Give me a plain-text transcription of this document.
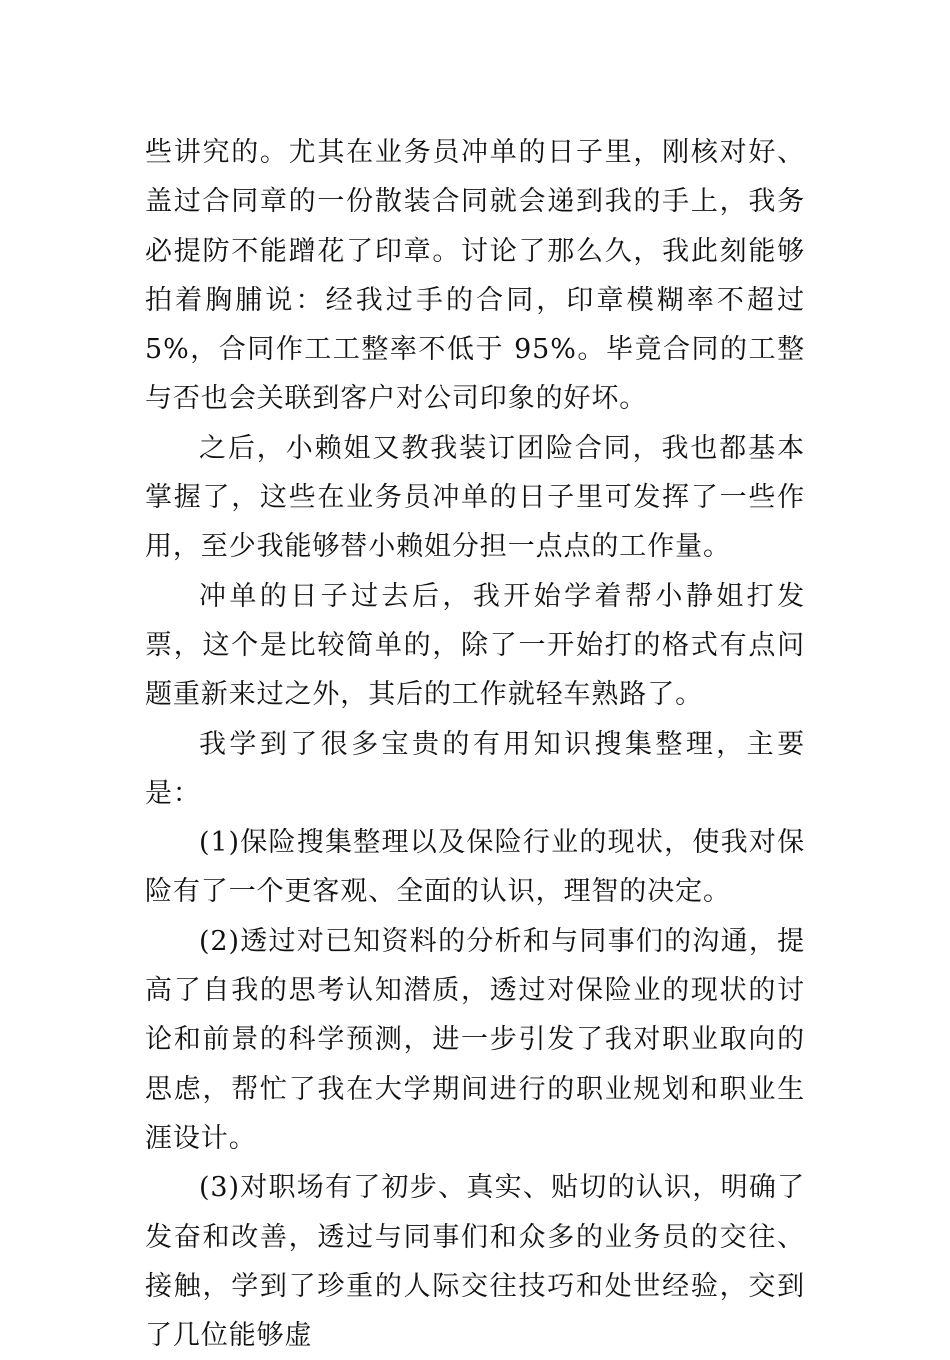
些讲究的。尤其在业务员冲单的日子里，刚核对好、盖过合同章的一份散装合同就会递到我的手上，我务必提防不能蹭花了印章。讨论了那么久，我此刻能够拍着胸脯说：经我过手的合同，印章模糊率不超过 5%，合同作工工整率不低于 95%。毕竟合同的工整与否也会关联到客户对公司印象的好坏。

之后，小赖姐又教我装订团险合同，我也都基本掌握了，这些在业务员冲单的日子里可发挥了一些作用，至少我能够替小赖姐分担一点点的工作量。

冲单的日子过去后，我开始学着帮小静姐打发票，这个是比较简单的，除了一开始打的格式有点问题重新来过之外，其后的工作就轻车熟路了。

我学到了很多宝贵的有用知识搜集整理，主要是：

(1)保险搜集整理以及保险行业的现状，使我对保险有了一个更客观、全面的认识，理智的决定。

(2)透过对已知资料的分析和与同事们的沟通，提高了自我的思考认知潜质，透过对保险业的现状的讨论和前景的科学预测，进一步引发了我对职业取向的思虑，帮忙了我在大学期间进行的职业规划和职业生涯设计。

(3)对职场有了初步、真实、贴切的认识，明确了发奋和改善，透过与同事们和众多的业务员的交往、接触，学到了珍重的人际交往技巧和处世经验，交到了几位能够虚
